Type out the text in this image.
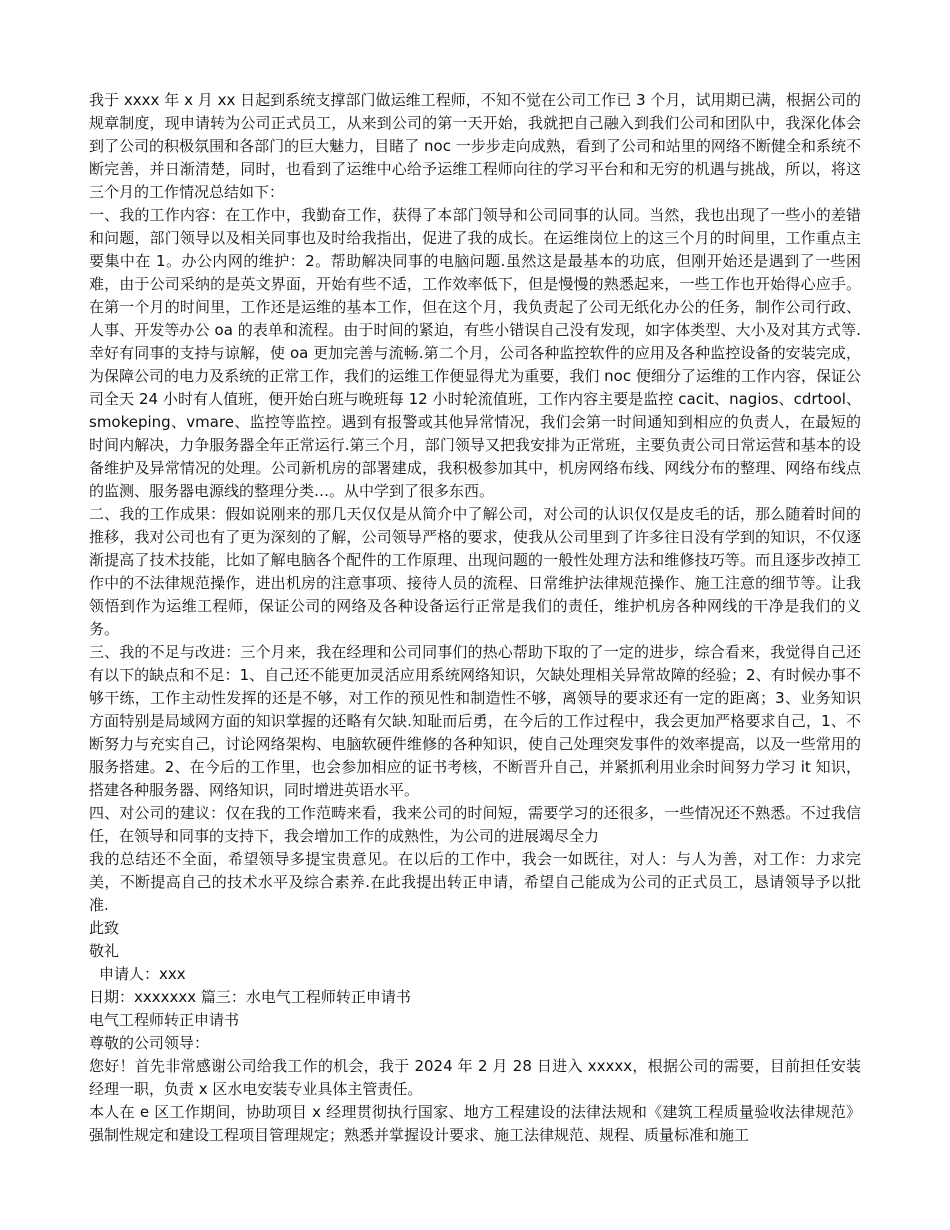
我于 xxxx 年 x 月 xx 日起到系统支撑部门做运维工程师，不知不觉在公司工作已 3 个月，试用期已满，根据公司的规章制度，现申请转为公司正式员工，从来到公司的第一天开始，我就把自己融入到我们公司和团队中，我深化体会到了公司的积极氛围和各部门的巨大魅力，目睹了 noc 一步步走向成熟，看到了公司和站里的网络不断健全和系统不断完善，并日渐清楚，同时，也看到了运维中心给予运维工程师向往的学习平台和和无穷的机遇与挑战，所以，将这三个月的工作情况总结如下：

一、我的工作内容：在工作中，我勤奋工作，获得了本部门领导和公司同事的认同。当然，我也出现了一些小的差错和问题，部门领导以及相关同事也及时给我指出，促进了我的成长。在运维岗位上的这三个月的时间里，工作重点主要集中在 1。办公内网的维护：2。帮助解决同事的电脑问题.虽然这是最基本的功底，但刚开始还是遇到了一些困难，由于公司采纳的是英文界面，开始有些不适，工作效率低下，但是慢慢的熟悉起来，一些工作也开始得心应手。在第一个月的时间里，工作还是运维的基本工作，但在这个月，我负责起了公司无纸化办公的任务，制作公司行政、人事、开发等办公 oa 的表单和流程。由于时间的紧迫，有些小错误自己没有发现，如字体类型、大小及对其方式等.幸好有同事的支持与谅解，使 oa 更加完善与流畅.第二个月，公司各种监控软件的应用及各种监控设备的安装完成，为保障公司的电力及系统的正常工作，我们的运维工作便显得尤为重要，我们 noc 便细分了运维的工作内容，保证公司全天 24 小时有人值班，便开始白班与晚班每 12 小时轮流值班，工作内容主要是监控 cacit、nagios、cdrtool、smokeping、vmare、监控等监控。遇到有报警或其他异常情况，我们会第一时间通知到相应的负责人，在最短的时间内解决，力争服务器全年正常运行.第三个月，部门领导又把我安排为正常班，主要负责公司日常运营和基本的设备维护及异常情况的处理。公司新机房的部署建成，我积极参加其中，机房网络布线、网线分布的整理、网络布线点的监测、服务器电源线的整理分类…。从中学到了很多东西。

二、我的工作成果：假如说刚来的那几天仅仅是从简介中了解公司，对公司的认识仅仅是皮毛的话，那么随着时间的推移，我对公司也有了更为深刻的了解，公司领导严格的要求，使我从公司里到了许多往日没有学到的知识，不仅逐渐提高了技术技能，比如了解电脑各个配件的工作原理、出现问题的一般性处理方法和维修技巧等。而且逐步改掉工作中的不法律规范操作，进出机房的注意事项、接待人员的流程、日常维护法律规范操作、施工注意的细节等。让我领悟到作为运维工程师，保证公司的网络及各种设备运行正常是我们的责任，维护机房各种网线的干净是我们的义务。

三、我的不足与改进：三个月来，我在经理和公司同事们的热心帮助下取的了一定的进步，综合看来，我觉得自己还有以下的缺点和不足：1、自己还不能更加灵活应用系统网络知识，欠缺处理相关异常故障的经验；2、有时候办事不够干练，工作主动性发挥的还是不够，对工作的预见性和制造性不够，离领导的要求还有一定的距离；3、业务知识方面特别是局域网方面的知识掌握的还略有欠缺.知耻而后勇，在今后的工作过程中，我会更加严格要求自己，1、不断努力与充实自己，讨论网络架构、电脑软硬件维修的各种知识，使自己处理突发事件的效率提高，以及一些常用的服务搭建。2、在今后的工作里，也会参加相应的证书考核，不断晋升自己，并紧抓利用业余时间努力学习 it 知识，搭建各种服务器、网络知识，同时增进英语水平。

四、对公司的建议：仅在我的工作范畴来看，我来公司的时间短，需要学习的还很多，一些情况还不熟悉。不过我信任，在领导和同事的支持下，我会增加工作的成熟性，为公司的进展竭尽全力

我的总结还不全面，希望领导多提宝贵意见。在以后的工作中，我会一如既往，对人：与人为善，对工作：力求完美，不断提高自己的技术水平及综合素养.在此我提出转正申请，希望自己能成为公司的正式员工，恳请领导予以批准.

此致

敬礼

申请人：xxx

日期：xxxxxxx 篇三：水电气工程师转正申请书

电气工程师转正申请书

尊敬的公司领导：

您好！首先非常感谢公司给我工作的机会，我于 2024 年 2 月 28 日进入 xxxxx，根据公司的需要，目前担任安装经理一职，负责 x 区水电安装专业具体主管责任。

本人在 e 区工作期间，协助项目 x 经理贯彻执行国家、地方工程建设的法律法规和《建筑工程质量验收法律规范》强制性规定和建设工程项目管理规定；熟悉并掌握设计要求、施工法律规范、规程、质量标准和施工
